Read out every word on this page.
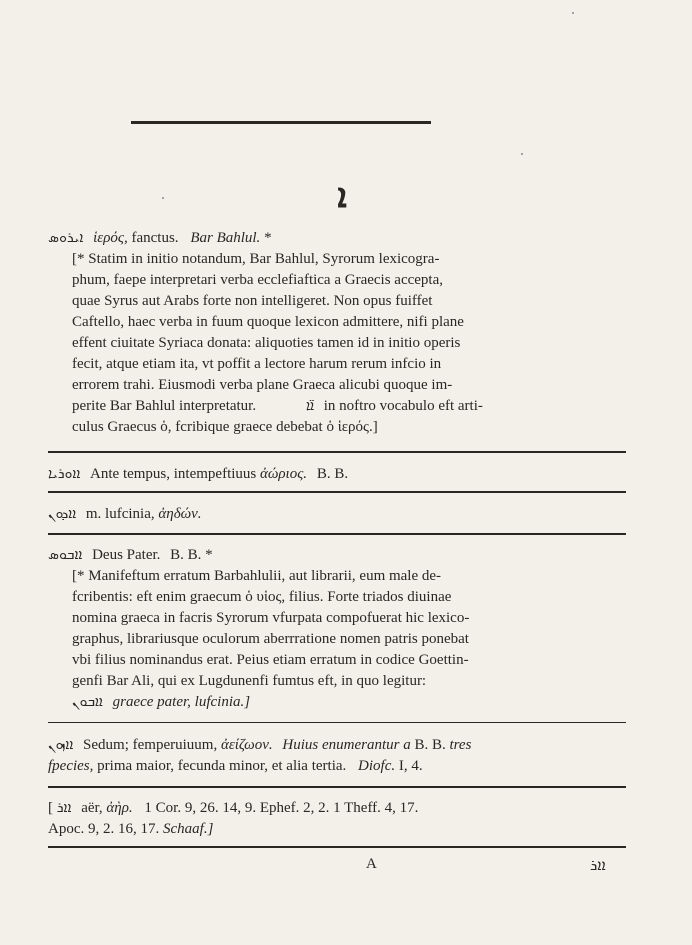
ܐ
ܐܝܪܘܣ ἱερός, fanctus. Bar Bahlul. *
[* Statim in initio notandum, Bar Bahlul, Syrorum lexicogra-
phum, faepe interpretari verba ecclefiaftica a Graecis accepta,
quae Syrus aut Arabs forte non intelligeret. Non opus fuiffet
Caftello, haec verba in fuum quoque lexicon admittere, nifi plane
effent ciuitate Syriaca donata: aliquoties tamen id in initio operis
fecit, atque etiam ita, vt poffit a lectore harum rerum infcio in
errorem trahi. Eiusmodi verba plane Graeca alicubi quoque im-
perite Bar Bahlul interpretatur.	ܐ̈ܐ in noftro vocabulo eft arti-
culus Graecus ὁ, fcribique graece debebat ὁ ἱερός.]
ܐܐܘܪܝܐ Ante tempus, intempeftiuus ἀώριος. B. B.
ܐܐܕܘܢ m. lufcinia, ἀηδών.
ܐܐܒܘܣ Deus Pater. B. B. *
[* Manifeftum erratum Barbahlulii, aut librarii, eum male de-
fcribentis: eft enim graecum ὁ υἱος, filius. Forte triados diuinae
nomina graeca in facris Syrorum vfurpata compofuerat hic lexico-
graphus, librariusque oculorum aberrratione nomen patris ponebat
vbi filius nominandus erat. Peius etiam erratum in codice Goettin-
genfi Bar Ali, qui ex Lugdunenfi fumtus eft, in quo legitur:
ܐܐܒܘܢ graece pater, lufcinia.]
ܐܐܙܘܢ Sedum; femperuiuum, ἀείζωον. Huius enumerantur a B. B. tres
fpecies, prima maior, fecunda minor, et alia tertia. Diofc. I, 4.
[ ܐܐܪ aër, ἀὴρ. 1 Cor. 9, 26. 14, 9. Ephef. 2, 2. 1 Theff. 4, 17.
Apoc. 9, 2. 16, 17. Schaaf.]
A	ܐܐܪ
